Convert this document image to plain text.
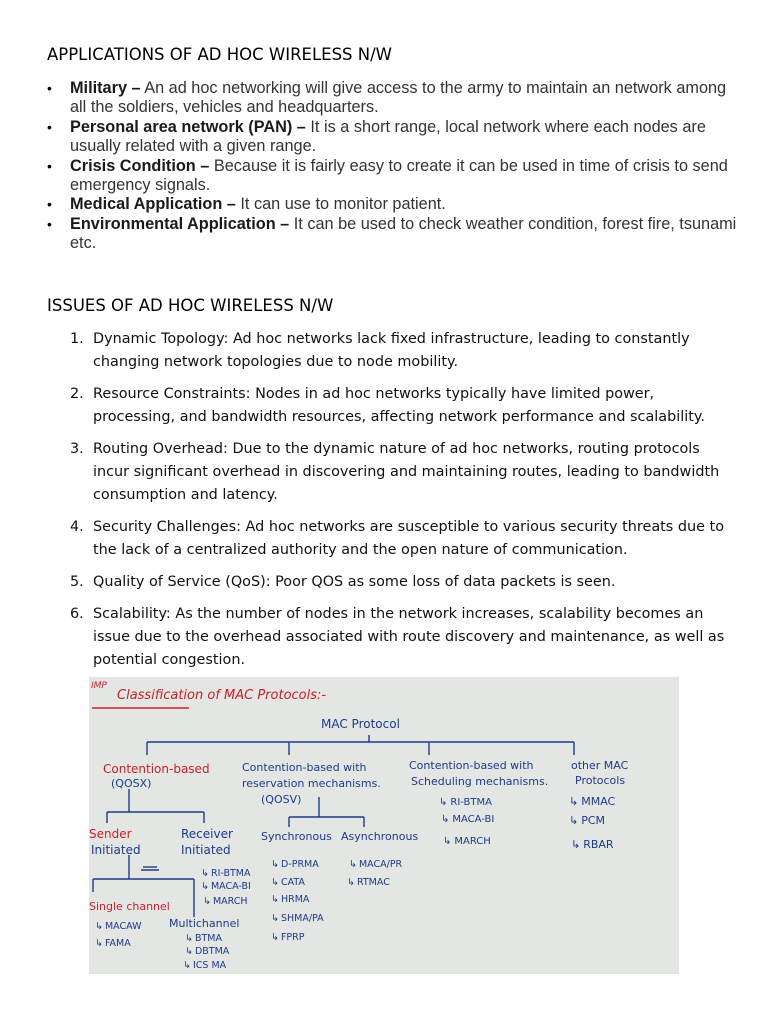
APPLICATIONS OF AD HOC WIRELESS N/W
• Military – An ad hoc networking will give access to the army to maintain an network among all the soldiers, vehicles and headquarters.
• Personal area network (PAN) – It is a short range, local network where each nodes are usually related with a given range.
• Crisis Condition – Because it is fairly easy to create it can be used in time of crisis to send emergency signals.
• Medical Application – It can use to monitor patient.
• Environmental Application – It can be used to check weather condition, forest fire, tsunami etc.
ISSUES OF AD HOC WIRELESS N/W
1. Dynamic Topology: Ad hoc networks lack fixed infrastructure, leading to constantly changing network topologies due to node mobility.
2. Resource Constraints: Nodes in ad hoc networks typically have limited power, processing, and bandwidth resources, affecting network performance and scalability.
3. Routing Overhead: Due to the dynamic nature of ad hoc networks, routing protocols incur significant overhead in discovering and maintaining routes, leading to bandwidth consumption and latency.
4. Security Challenges: Ad hoc networks are susceptible to various security threats due to the lack of a centralized authority and the open nature of communication.
5. Quality of Service (QoS): Poor QOS as some loss of data packets is seen.
6. Scalability: As the number of nodes in the network increases, scalability becomes an issue due to the overhead associated with route discovery and maintenance, as well as potential congestion.
IMP
Classification of MAC Protocols:-
MAC Protocol
Contention-based
(QOSX)
Contention-based with
reservation mechanisms.
(QOSV)
Contention-based with
Scheduling mechanisms.
other MAC
Protocols
↳ RI-BTMA
↳ MACA-BI
↳ MARCH
↳ MMAC
↳ PCM
↳ RBAR
Sender
Initiated
Receiver
Initiated
↳ RI-BTMA
↳ MACA-BI
↳ MARCH
Single channel
↳ MACAW
↳ FAMA
Multichannel
↳ BTMA
↳ DBTMA
↳ ICS MA
Synchronous Asynchronous
↳ D-PRMA
↳ CATA
↳ HRMA
↳ SHMA/PA
↳ FPRP
↳ MACA/PR
↳ RTMAC
